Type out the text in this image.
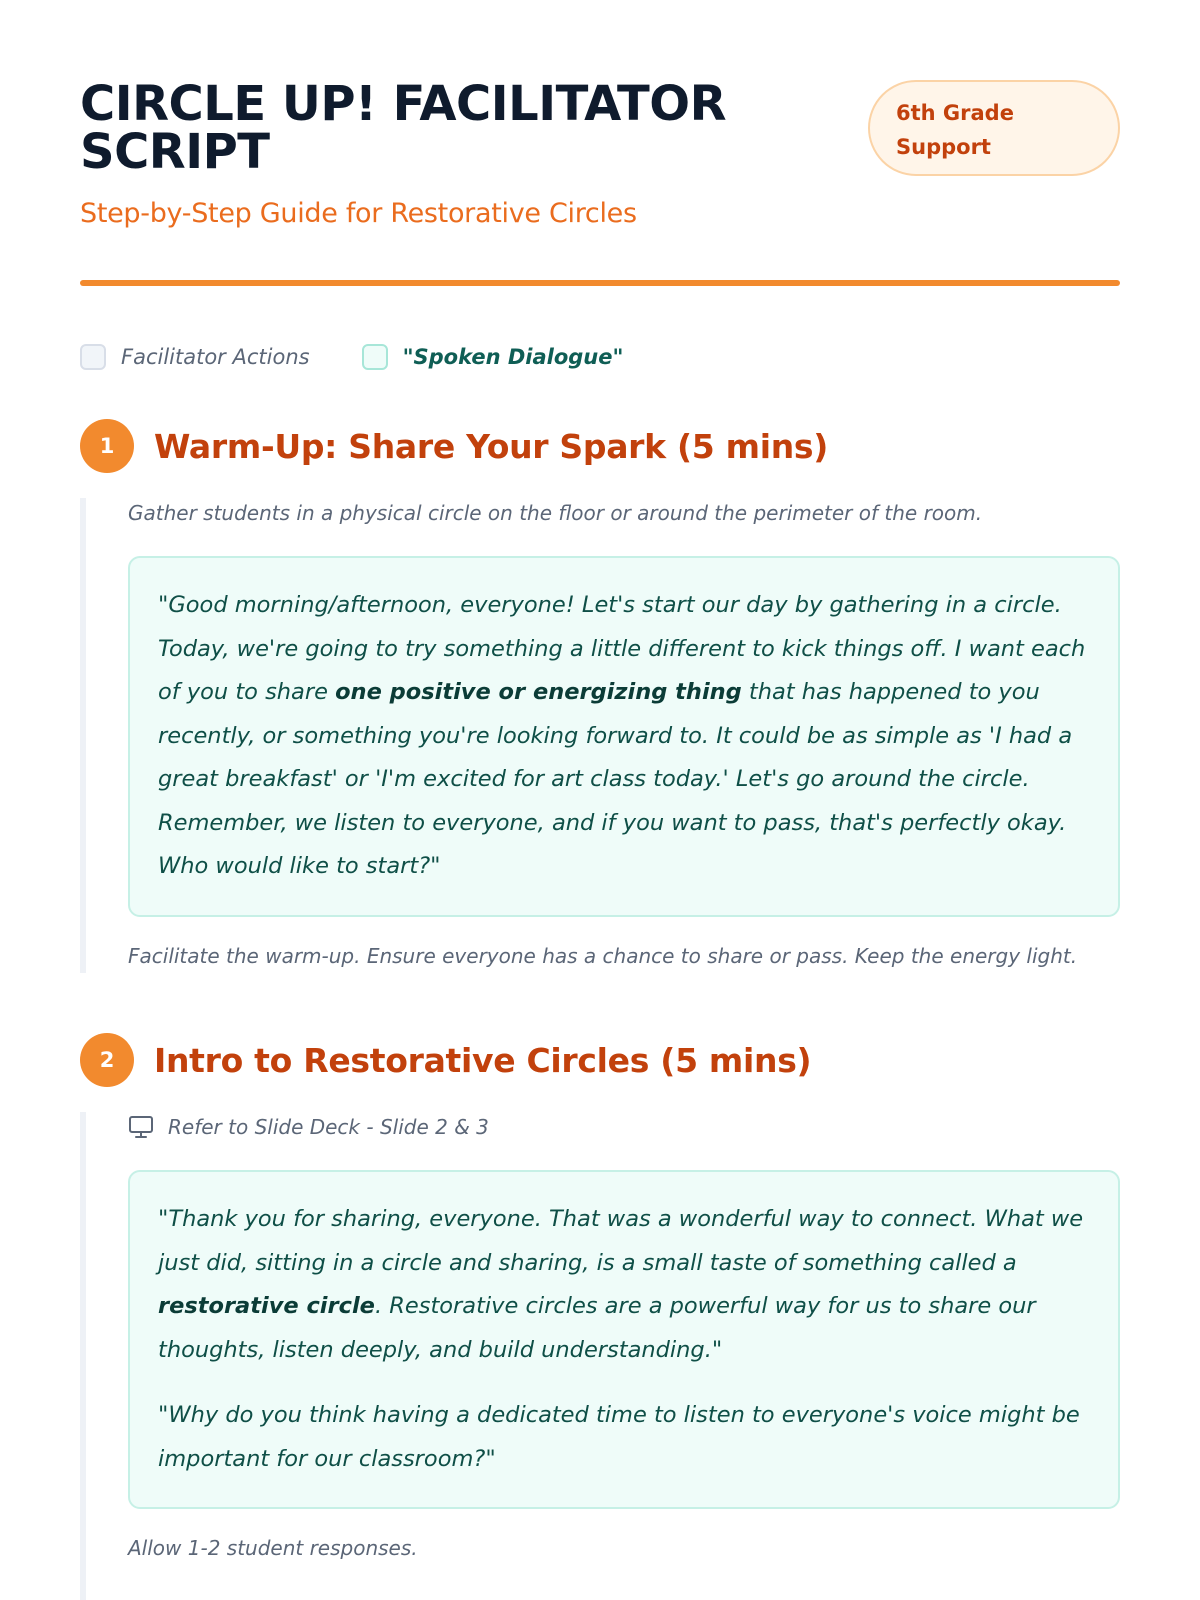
CIRCLE UP! FACILITATOR SCRIPT
Step-by-Step Guide for Restorative Circles
6th Grade Support
Facilitator Actions	"Spoken Dialogue"
1	Warm-Up: Share Your Spark (5 mins)
Gather students in a physical circle on the floor or around the perimeter of the room.

"Good morning/afternoon, everyone! Let's start our day by gathering in a circle. Today, we're going to try something a little different to kick things off. I want each of you to share one positive or energizing thing that has happened to you recently, or something you're looking forward to. It could be as simple as 'I had a great breakfast' or 'I'm excited for art class today.' Let's go around the circle. Remember, we listen to everyone, and if you want to pass, that's perfectly okay. Who would like to start?"

Facilitate the warm-up. Ensure everyone has a chance to share or pass. Keep the energy light.
2	Intro to Restorative Circles (5 mins)
Refer to Slide Deck - Slide 2 & 3

"Thank you for sharing, everyone. That was a wonderful way to connect. What we just did, sitting in a circle and sharing, is a small taste of something called a restorative circle. Restorative circles are a powerful way for us to share our thoughts, listen deeply, and build understanding."

"Why do you think having a dedicated time to listen to everyone's voice might be important for our classroom?"

Allow 1-2 student responses.
